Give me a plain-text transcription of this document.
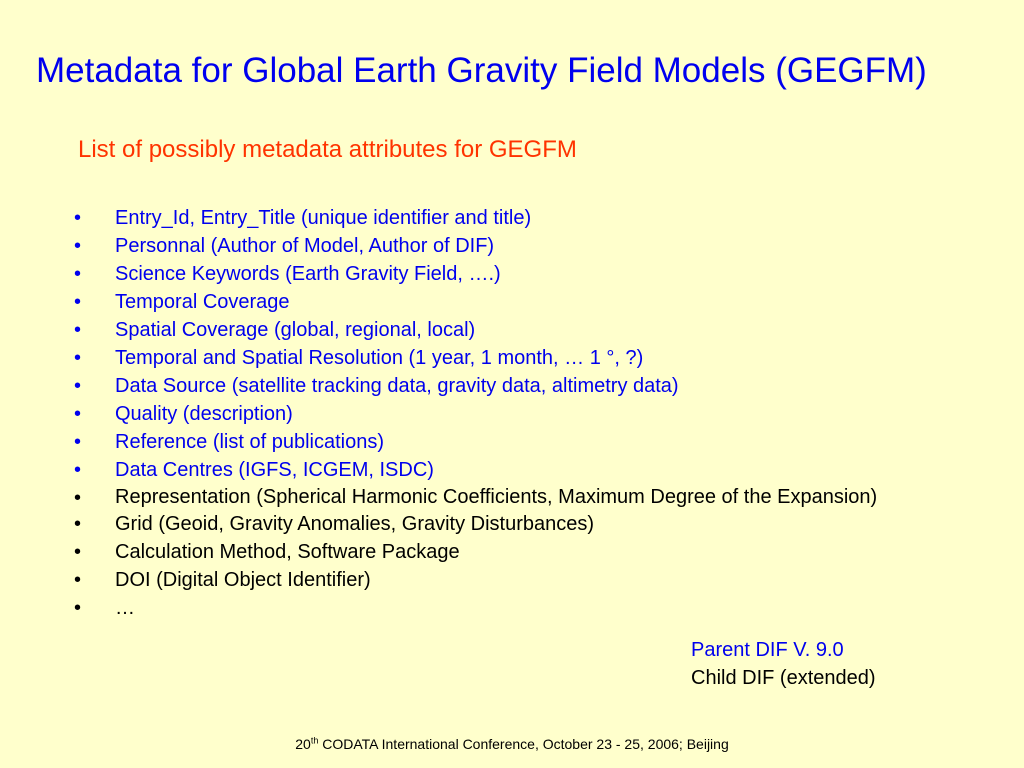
Metadata for Global Earth Gravity Field Models (GEGFM)
List of possibly metadata attributes for GEGFM
• Entry_Id, Entry_Title (unique identifier and title)
• Personnal (Author of Model, Author of DIF)
• Science Keywords (Earth Gravity Field, ….)
• Temporal Coverage
• Spatial Coverage (global, regional, local)
• Temporal and Spatial Resolution (1 year, 1 month, … 1 °, ?)
• Data Source (satellite tracking data, gravity data, altimetry data)
• Quality (description)
• Reference (list of publications)
• Data Centres (IGFS, ICGEM, ISDC)
• Representation (Spherical Harmonic Coefficients, Maximum Degree of the Expansion)
• Grid (Geoid, Gravity Anomalies, Gravity Disturbances)
• Calculation Method, Software Package
• DOI (Digital Object Identifier)
• …
Parent DIF V. 9.0
Child DIF (extended)
20th CODATA International Conference, October 23 - 25, 2006; Beijing
